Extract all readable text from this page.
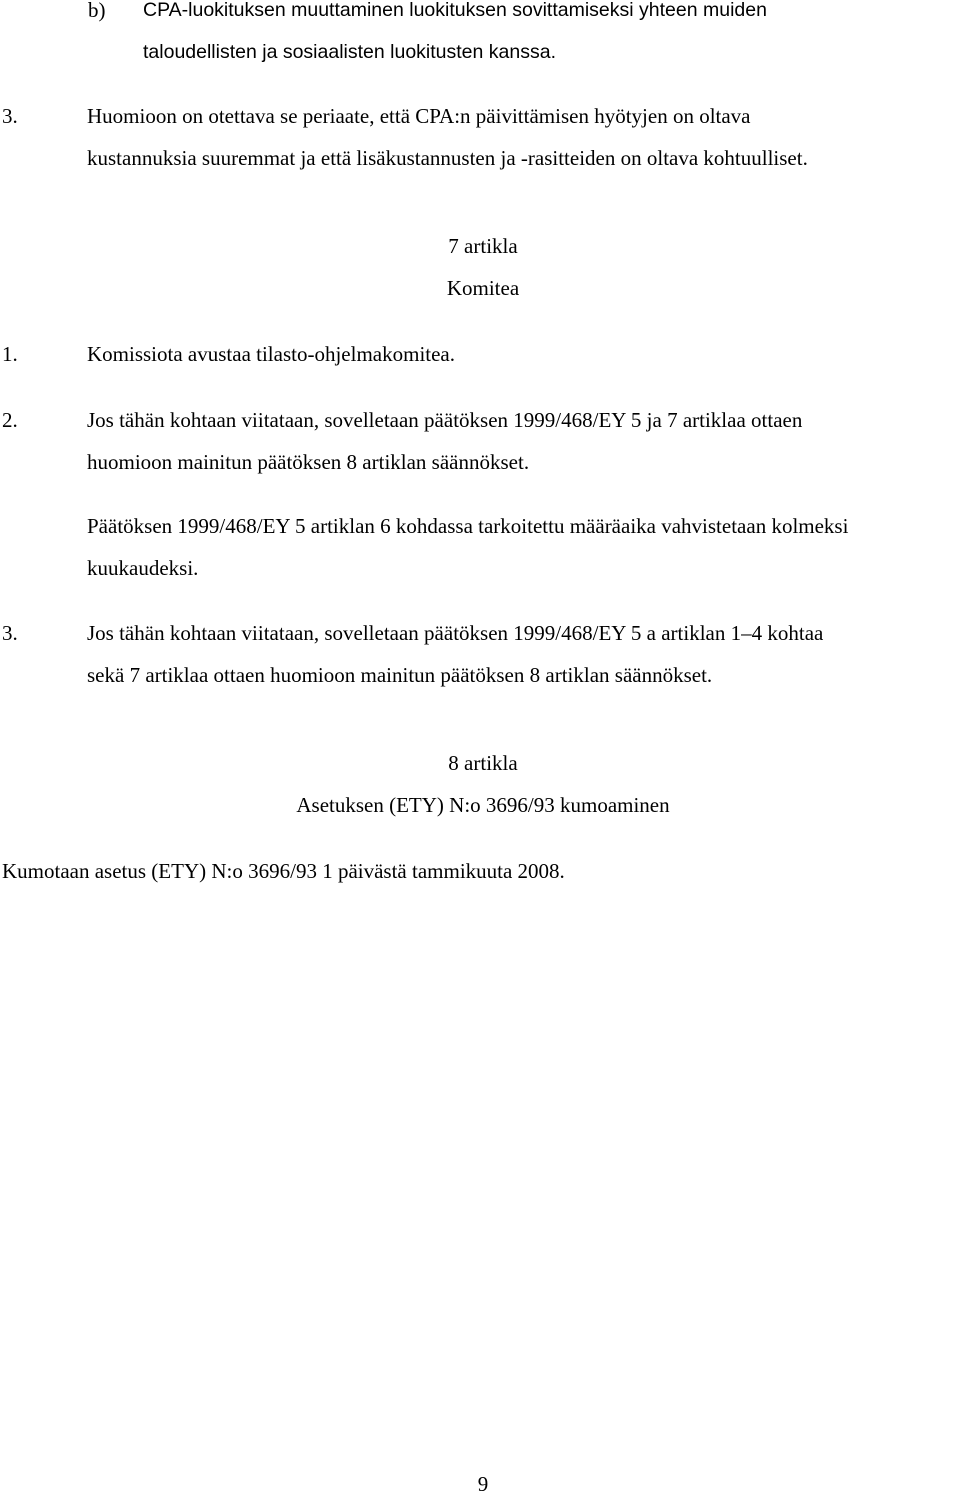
b) CPA-luokituksen muuttaminen luokituksen sovittamiseksi yhteen muiden
taloudellisten ja sosiaalisten luokitusten kanssa.
3.	Huomioon on otettava se periaate, että CPA:n päivittämisen hyötyjen on oltava
kustannuksia suuremmat ja että lisäkustannusten ja -rasitteiden on oltava kohtuulliset.
7 artikla
Komitea
1.	Komissiota avustaa tilasto-ohjelmakomitea.
2.	Jos tähän kohtaan viitataan, sovelletaan päätöksen 1999/468/EY 5 ja 7 artiklaa ottaen
huomioon mainitun päätöksen 8 artiklan säännökset.
Päätöksen 1999/468/EY 5 artiklan 6 kohdassa tarkoitettu määräaika vahvistetaan kolmeksi
kuukaudeksi.
3.	Jos tähän kohtaan viitataan, sovelletaan päätöksen 1999/468/EY 5 a artiklan 1–4 kohtaa
sekä 7 artiklaa ottaen huomioon mainitun päätöksen 8 artiklan säännökset.
8 artikla
Asetuksen (ETY) N:o 3696/93 kumoaminen
Kumotaan asetus (ETY) N:o 3696/93 1 päivästä tammikuuta 2008.
9
